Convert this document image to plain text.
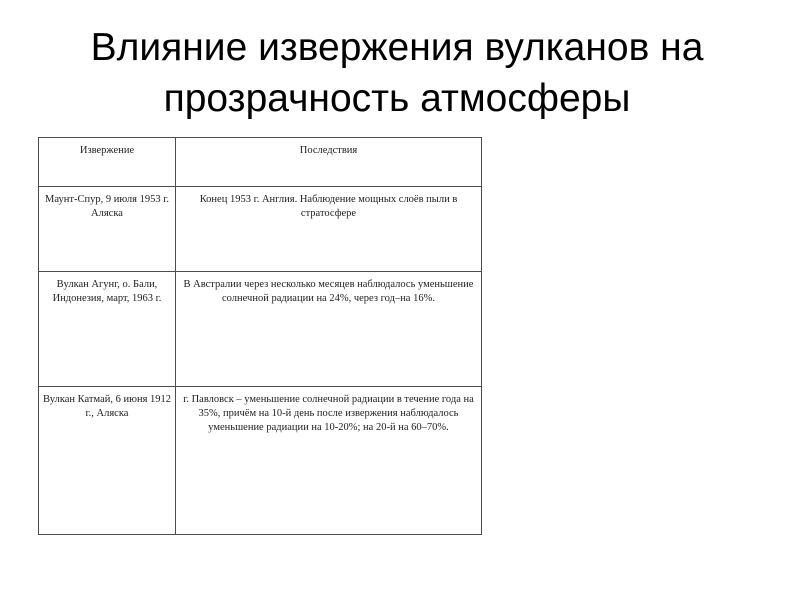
Влияние извержения вулканов на
прозрачность атмосферы
Извержение	Последствия

Маунт-Спур, 9 июля 1953 г. Аляска	Конец 1953 г. Англия. Наблюдение мощных слоёв пыли в стратосфере

Вулкан Агунг, о. Бали, Индонезия, март, 1963 г.	В Австралии через несколько месяцев наблюдалось уменьшение солнечной радиации на 24%, через год–на 16%.

Вулкан Катмай, 6 июня 1912 г., Аляска	г. Павловск – уменьшение солнечной радиации в течение года на 35%, причём на 10-й день после извержения наблюдалось уменьшение радиации на 10-20%; на 20-й на 60–70%.
